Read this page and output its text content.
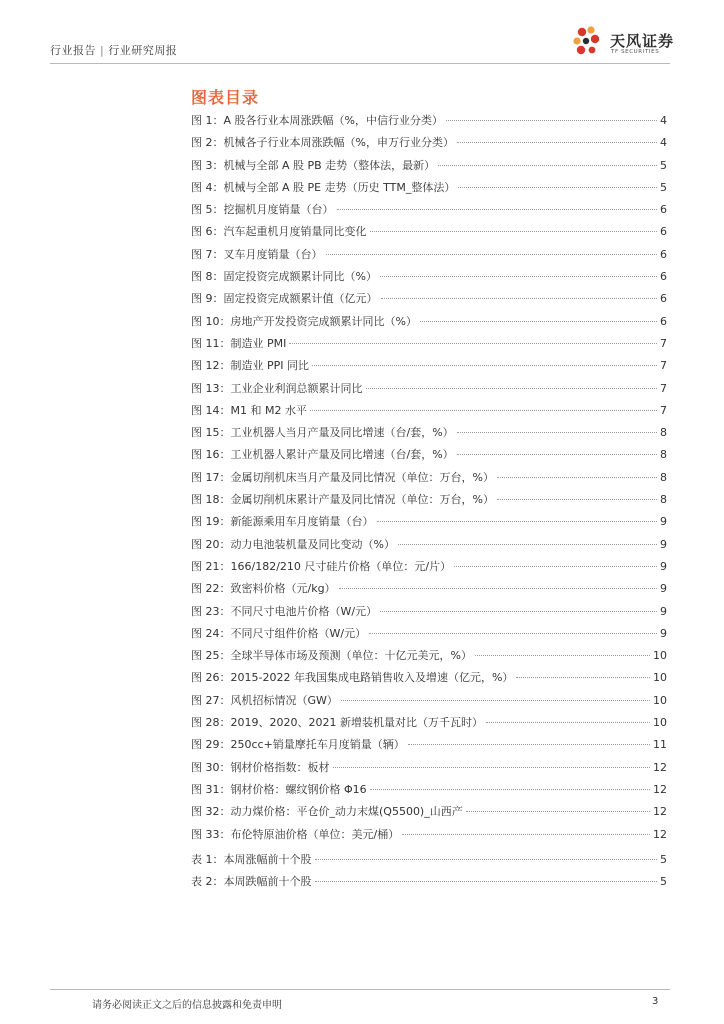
行业报告 | 行业研究周报
天风证券
TF SECURITIES
图表目录
图 1：A 股各行业本周涨跌幅（%，中信行业分类）	4
图 2：机械各子行业本周涨跌幅（%，申万行业分类）	4
图 3：机械与全部 A 股 PB 走势（整体法，最新）	5
图 4：机械与全部 A 股 PE 走势（历史 TTM_整体法）	5
图 5：挖掘机月度销量（台）	6
图 6：汽车起重机月度销量同比变化	6
图 7：叉车月度销量（台）	6
图 8：固定投资完成额累计同比（%）	6
图 9：固定投资完成额累计值（亿元）	6
图 10：房地产开发投资完成额累计同比（%）	6
图 11：制造业 PMI	7
图 12：制造业 PPI 同比	7
图 13：工业企业利润总额累计同比	7
图 14：M1 和 M2 水平	7
图 15：工业机器人当月产量及同比增速（台/套，%）	8
图 16：工业机器人累计产量及同比增速（台/套，%）	8
图 17：金属切削机床当月产量及同比情况（单位：万台，%）	8
图 18：金属切削机床累计产量及同比情况（单位：万台，%）	8
图 19：新能源乘用车月度销量（台）	9
图 20：动力电池装机量及同比变动（%）	9
图 21：166/182/210 尺寸硅片价格（单位：元/片）	9
图 22：致密料价格（元/kg）	9
图 23：不同尺寸电池片价格（W/元）	9
图 24：不同尺寸组件价格（W/元）	9
图 25：全球半导体市场及预测（单位：十亿元美元，%）	10
图 26：2015-2022 年我国集成电路销售收入及增速（亿元，%）	10
图 27：风机招标情况（GW）	10
图 28：2019、2020、2021 新增装机量对比（万千瓦时）	10
图 29：250cc+销量摩托车月度销量（辆）	11
图 30：钢材价格指数：板材	12
图 31：钢材价格：螺纹钢价格 Φ16	12
图 32：动力煤价格：平仓价_动力末煤(Q5500)_山西产	12
图 33：布伦特原油价格（单位：美元/桶）	12
表 1：本周涨幅前十个股	5
表 2：本周跌幅前十个股	5
请务必阅读正文之后的信息披露和免责申明	3
